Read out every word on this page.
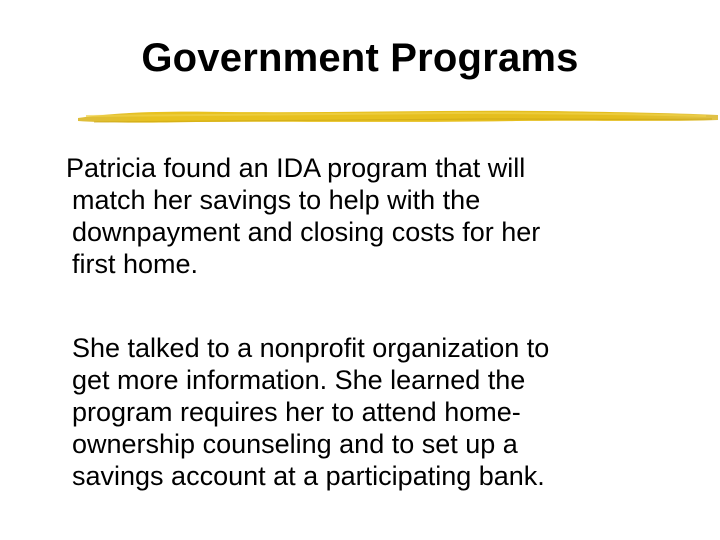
Government Programs
Patricia found an IDA program that will
match her savings to help with the
downpayment and closing costs for her
first home.
She talked to a nonprofit organization to
get more information. She learned the
program requires her to attend home-
ownership counseling and to set up a
savings account at a participating bank.
